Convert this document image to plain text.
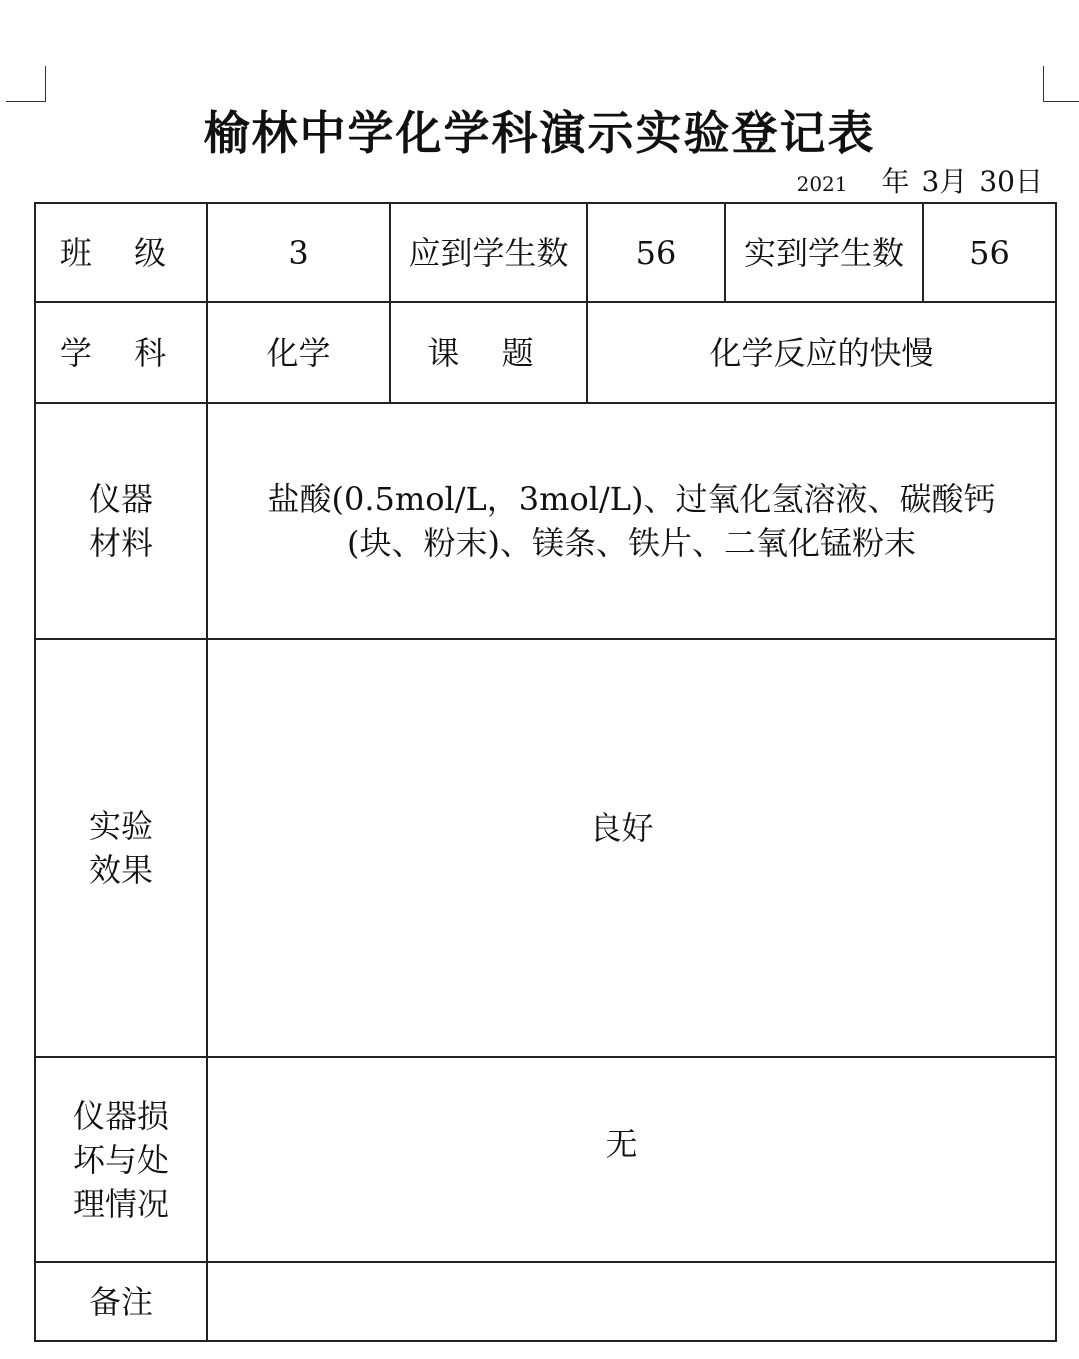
榆林中学化学科演示实验登记表
2021 年 3月 30日
班 级	3	应到学生数	56	实到学生数	56
学 科	化学	课 题	化学反应的快慢		
仪器
材料	盐酸(0.5mol/L，3mol/L)、过氧化氢溶液、碳酸钙
(块、粉末)、镁条、铁片、二氧化锰粉末				
实验
效果	良好				
仪器损
坏与处
理情况	无				
备注					
